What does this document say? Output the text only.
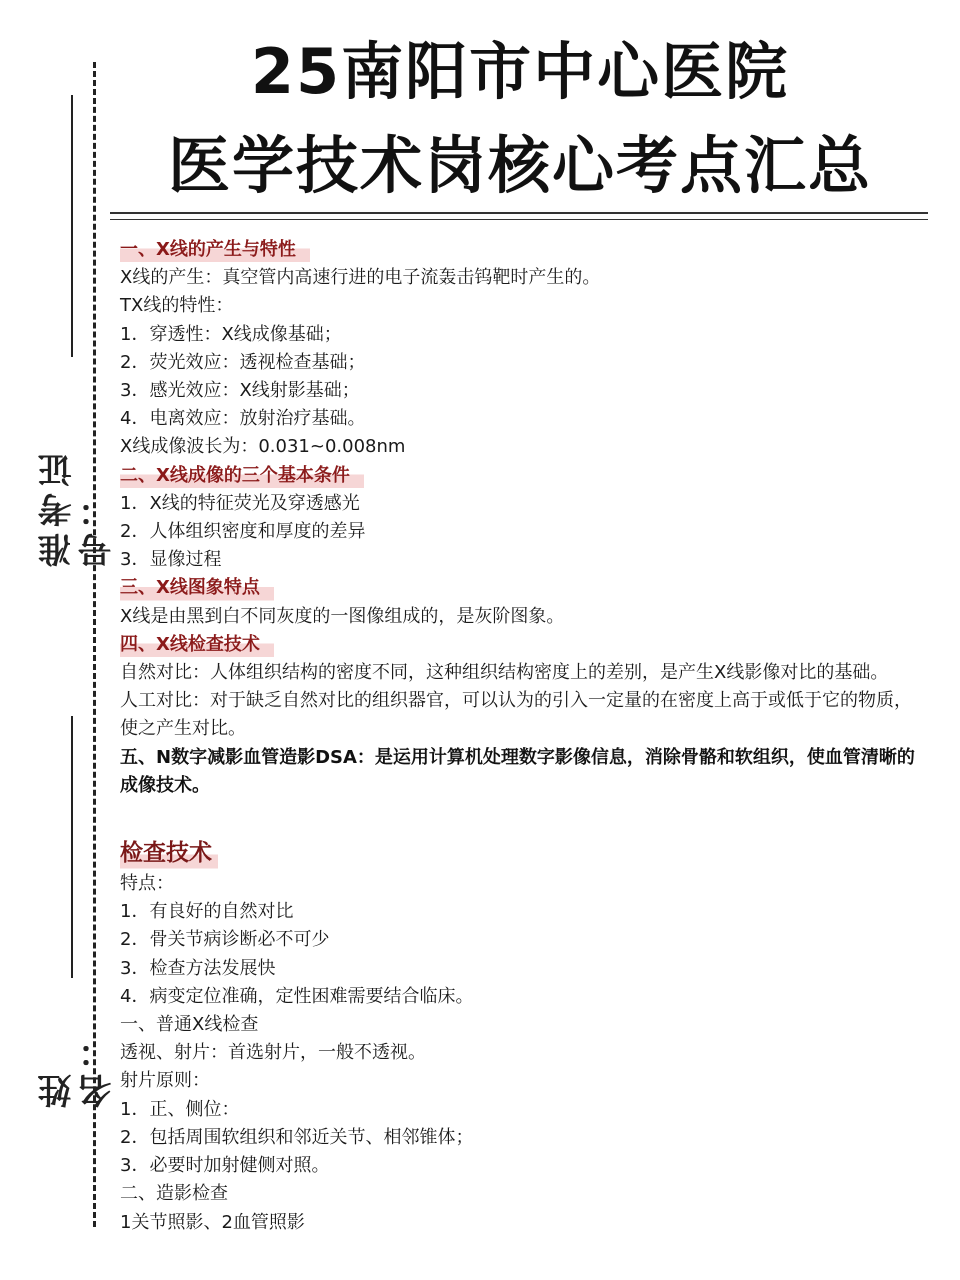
25南阳市中心医院
医学技术岗核心考点汇总
准考证号：
姓名：
一、X线的产生与特性
X线的产生：真空管内高速行进的电子流轰击钨靶时产生的。
TX线的特性：
1．穿透性：X线成像基础；
2．荧光效应：透视检查基础；
3．感光效应：X线射影基础；
4．电离效应：放射治疗基础。
X线成像波长为：0.031~0.008nm
二、X线成像的三个基本条件
1．X线的特征荧光及穿透感光
2．人体组织密度和厚度的差异
3．显像过程
三、X线图象特点
X线是由黑到白不同灰度的一图像组成的，是灰阶图象。
四、X线检查技术
自然对比：人体组织结构的密度不同，这种组织结构密度上的差别，是产生X线影像对比的基础。
人工对比：对于缺乏自然对比的组织器官，可以认为的引入一定量的在密度上高于或低于它的物质，使之产生对比。
五、N数字减影血管造影DSA：是运用计算机处理数字影像信息，消除骨骼和软组织，使血管清晰的成像技术。
检查技术
特点：
1．有良好的自然对比
2．骨关节病诊断必不可少
3．检查方法发展快
4．病变定位准确，定性困难需要结合临床。
一、普通X线检查
透视、射片：首选射片，一般不透视。
射片原则：
1．正、侧位：
2．包括周围软组织和邻近关节、相邻锥体；
3．必要时加射健侧对照。
二、造影检查
1关节照影、2血管照影
